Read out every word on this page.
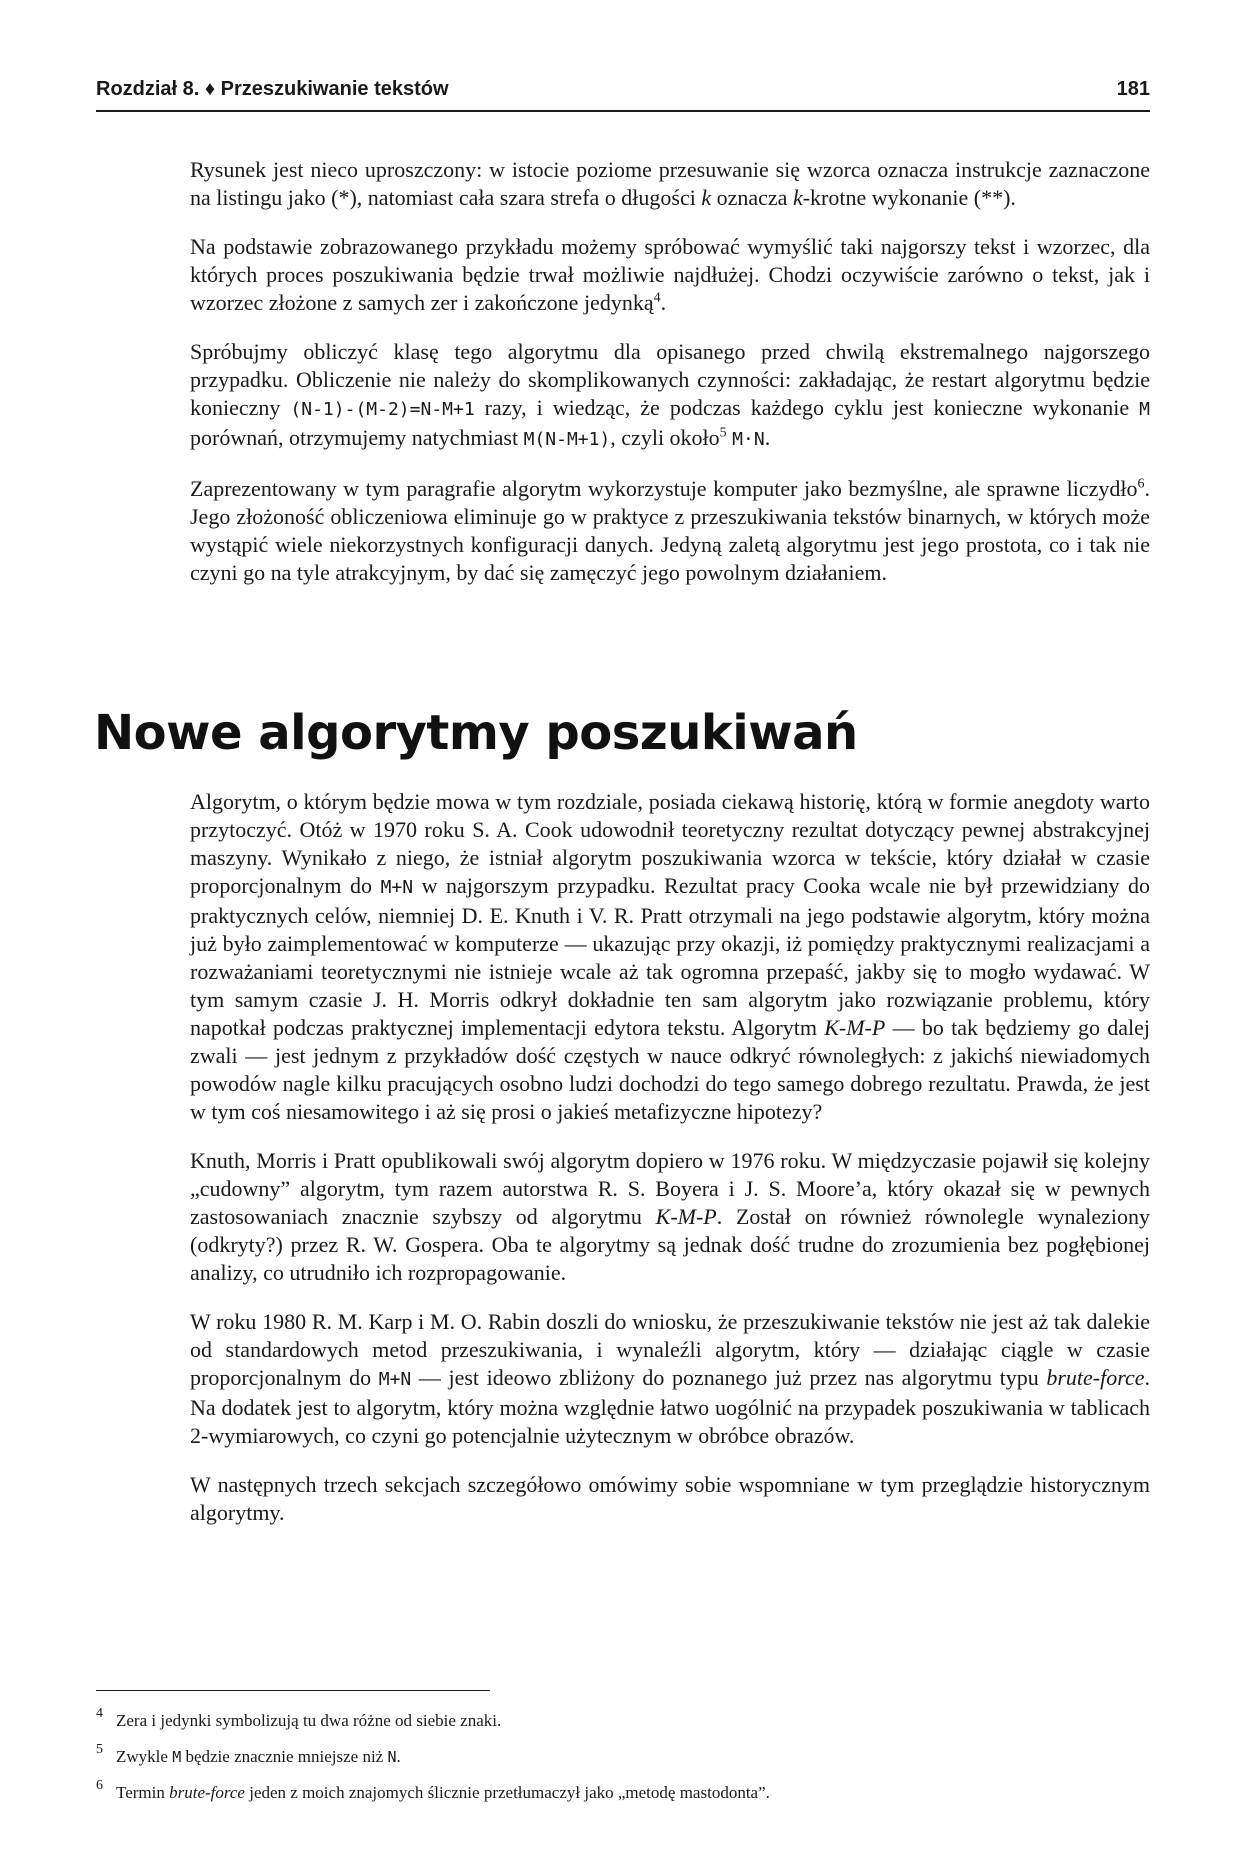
Rozdział 8. ♦ Przeszukiwanie tekstów	181

Rysunek jest nieco uproszczony: w istocie poziome przesuwanie się wzorca oznacza instrukcje zaznaczone na listingu jako (*), natomiast cała szara strefa o długości k oznacza k-krotne wykonanie (**).

Na podstawie zobrazowanego przykładu możemy spróbować wymyślić taki najgorszy tekst i wzorzec, dla których proces poszukiwania będzie trwał możliwie najdłużej. Chodzi oczywiście zarówno o tekst, jak i wzorzec złożone z samych zer i zakończone jedynką$^4$.

Spróbujmy obliczyć klasę tego algorytmu dla opisanego przed chwilą ekstremalnego najgorszego przypadku. Obliczenie nie należy do skomplikowanych czynności: zakładając, że restart algorytmu będzie konieczny (N-1)-(M-2)=N-M+1 razy, i wiedząc, że podczas każdego cyklu jest konieczne wykonanie M porównań, otrzymujemy natychmiast M(N-M+1), czyli około$^5$ M·N.

Zaprezentowany w tym paragrafie algorytm wykorzystuje komputer jako bezmyślne, ale sprawne liczydło$^6$. Jego złożoność obliczeniowa eliminuje go w praktyce z przeszukiwania tekstów binarnych, w których może wystąpić wiele niekorzystnych konfiguracji danych. Jedyną zaletą algorytmu jest jego prostota, co i tak nie czyni go na tyle atrakcyjnym, by dać się zamęczyć jego powolnym działaniem.

Nowe algorytmy poszukiwań

Algorytm, o którym będzie mowa w tym rozdziale, posiada ciekawą historię, którą w formie anegdoty warto przytoczyć. Otóż w 1970 roku S. A. Cook udowodnił teoretyczny rezultat dotyczący pewnej abstrakcyjnej maszyny. Wynikało z niego, że istniał algorytm poszukiwania wzorca w tekście, który działał w czasie proporcjonalnym do M+N w najgorszym przypadku. Rezultat pracy Cooka wcale nie był przewidziany do praktycznych celów, niemniej D. E. Knuth i V. R. Pratt otrzymali na jego podstawie algorytm, który można już było zaimplementować w komputerze — ukazując przy okazji, iż pomiędzy praktycznymi realizacjami a rozważaniami teoretycznymi nie istnieje wcale aż tak ogromna przepaść, jakby się to mogło wydawać. W tym samym czasie J. H. Morris odkrył dokładnie ten sam algorytm jako rozwiązanie problemu, który napotkał podczas praktycznej implementacji edytora tekstu. Algorytm K-M-P — bo tak będziemy go dalej zwali — jest jednym z przykładów dość częstych w nauce odkryć równoległych: z jakichś niewiadomych powodów nagle kilku pracujących osobno ludzi dochodzi do tego samego dobrego rezultatu. Prawda, że jest w tym coś niesamowitego i aż się prosi o jakieś metafizyczne hipotezy?

Knuth, Morris i Pratt opublikowali swój algorytm dopiero w 1976 roku. W międzyczasie pojawił się kolejny „cudowny” algorytm, tym razem autorstwa R. S. Boyera i J. S. Moore’a, który okazał się w pewnych zastosowaniach znacznie szybszy od algorytmu K-M-P. Został on również równolegle wynaleziony (odkryty?) przez R. W. Gospera. Oba te algorytmy są jednak dość trudne do zrozumienia bez pogłębionej analizy, co utrudniło ich rozpropagowanie.

W roku 1980 R. M. Karp i M. O. Rabin doszli do wniosku, że przeszukiwanie tekstów nie jest aż tak dalekie od standardowych metod przeszukiwania, i wynaleźli algorytm, który — działając ciągle w czasie proporcjonalnym do M+N — jest ideowo zbliżony do poznanego już przez nas algorytmu typu brute-force. Na dodatek jest to algorytm, który można względnie łatwo uogólnić na przypadek poszukiwania w tablicach 2-wymiarowych, co czyni go potencjalnie użytecznym w obróbce obrazów.

W następnych trzech sekcjach szczegółowo omówimy sobie wspomniane w tym przeglądzie historycznym algorytmy.

4 Zera i jedynki symbolizują tu dwa różne od siebie znaki.
5 Zwykle M będzie znacznie mniejsze niż N.
6 Termin brute-force jeden z moich znajomych ślicznie przetłumaczył jako „metodę mastodonta”.
